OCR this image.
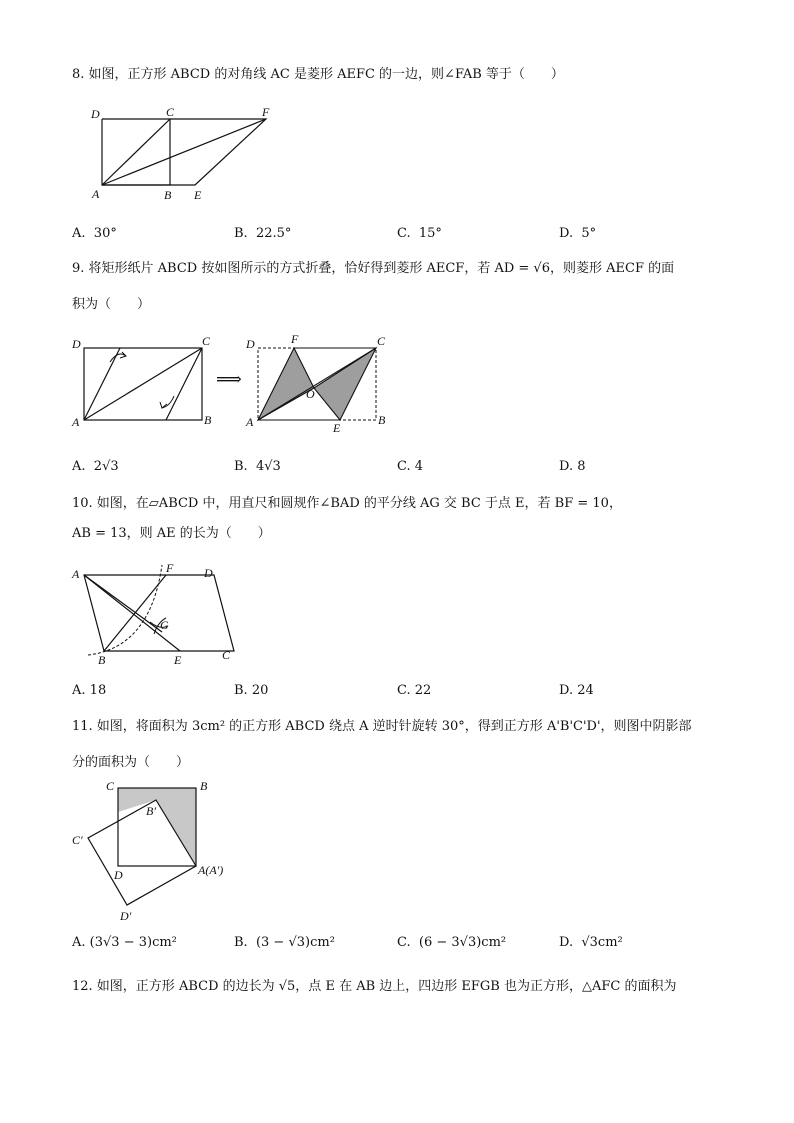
8. 如图，正方形 ABCD 的对角线 AC 是菱形 AEFC 的一边，则∠FAB 等于（　　）
D	C	F
A	B E
A. 30°	B. 22.5°	C. 15°	D. 5°
9. 将矩形纸片 ABCD 按如图所示的方式折叠，恰好得到菱形 AECF，若 AD = √6，则菱形 AECF 的面
积为（　　）
D	C
A	B
⟹
D	F	C
O
A	E
B
A. 2√3	B. 4√3	C. 4	D. 8
10. 如图，在▱ABCD 中，用直尺和圆规作∠BAD 的平分线 AG 交 BC 于点 E，若 BF = 10，
AB = 13，则 AE 的长为（　　）
A	F	D
G
B	E	C
A. 18	B. 20	C. 22	D. 24
11. 如图，将面积为 3cm² 的正方形 ABCD 绕点 A 逆时针旋转 30°，得到正方形 A'B'C'D'，则图中阴影部
分的面积为（　　）
C	B
B′
C′
D	A(A′)
D′
A. (3√3 − 3)cm²	B. (3 − √3)cm²	C. (6 − 3√3)cm²	D. √3cm²
12. 如图，正方形 ABCD 的边长为 √5，点 E 在 AB 边上，四边形 EFGB 也为正方形，△AFC 的面积为
